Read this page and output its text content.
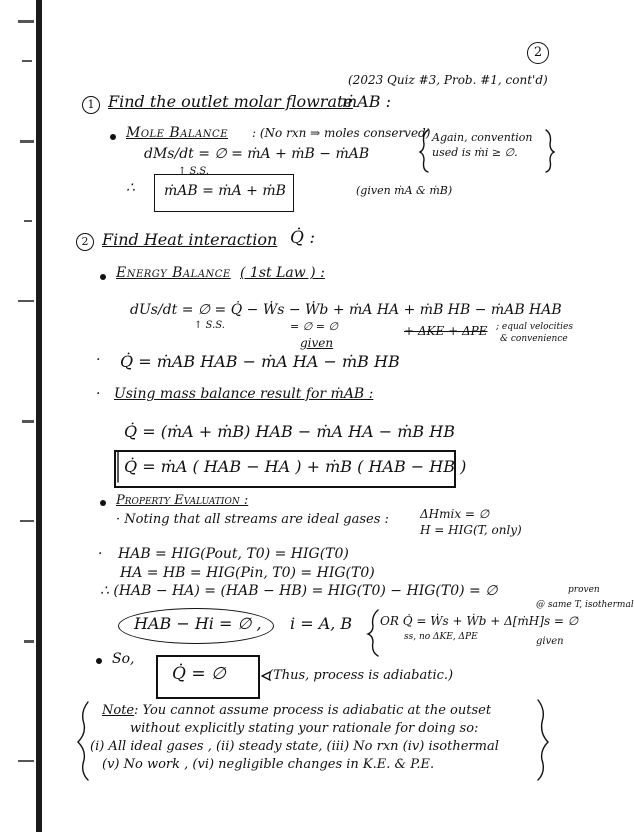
2
(2023 Quiz #3, Prob. #1, cont'd)
1 Find the outlet molar flowrate
ṁAB :
Mole Balance : (No rxn ⇒ moles conserved) Again, convention
used is ṁi ≥ ∅.
dMs/dt = ∅ = ṁA + ṁB − ṁAB
↑ S.S.
∴ ṁAB = ṁA + ṁB	(given ṁA & ṁB)
2 Find Heat interaction Q̇ :
Energy Balance ( 1st Law ) :
dUs/dt = ∅ = Q̇ − Ẇs − Ẇb + ṁA HA + ṁB HB − ṁAB HAB
↑ S.S.	= ∅ = ∅
given
+ ΔKE + ΔPE ; equal velocities
& convenience
· Q̇ = ṁAB HAB − ṁA HA − ṁB HB
· Using mass balance result for ṁAB :
Q̇ = (ṁA + ṁB) HAB − ṁA HA − ṁB HB
Q̇ = ṁA ( HAB − HA ) + ṁB ( HAB − HB )
Property Evaluation :
· Noting that all streams are ideal gases :	ΔHmix = ∅
H = HIG(T, only)
· HAB = HIG(Pout, T0) = HIG(T0)
HA = HB = HIG(Pin, T0) = HIG(T0)
∴ (HAB − HA) = (HAB − HB) = HIG(T0) − HIG(T0) = ∅	proven
@ same T, isothermal
HAB − Hi = ∅ , i = A, B OR Q̇ = Ẇs + Ẇb + Δ[ṁH]s = ∅
ss, no ΔKE, ΔPE	given
So,
Q̇ = ∅	(Thus, process is adiabatic.)
Note : You cannot assume process is adiabatic at the outset
without explicitly stating your rationale for doing so:
(i) All ideal gases , (ii) steady state, (iii) No rxn (iv) isothermal
(v) No work , (vi) negligible changes in K.E. & P.E.
